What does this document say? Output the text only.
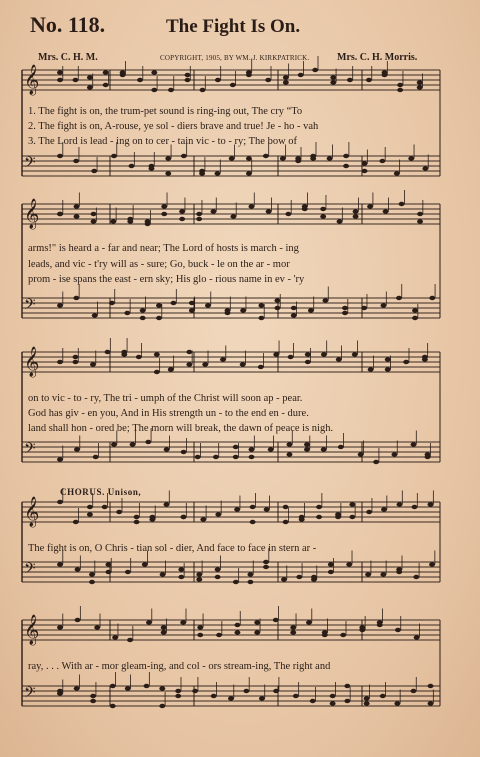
No. 118.	The Fight Is On.
Mrs. C. H. M.	COPYRIGHT, 1905, BY WM. J. KIRKPATRICK.	Mrs. C. H. Morris.
𝄞
𝄢
𝄞
𝄢
𝄞
𝄢
𝄞
𝄢
𝄞
𝄢
CHORUS. Unison,
1. The fight is on, the trum-pet sound is ring-ing out, The cry “To
2. The fight is on, A-rouse, ye sol - diers brave and true! Je - ho - vah
3. The Lord is lead - ing on to cer - tain vic - to - ry; The bow of
arms!" is heard a - far and near; The Lord of hosts is march - ing
leads, and vic - t'ry will as - sure; Go, buck - le on the ar - mor
prom - ise spans the east - ern sky; His glo - rious name in ev - 'ry
on to vic - to - ry, The tri - umph of the Christ will soon ap - pear.
God has giv - en you, And in His strength un - to the end en - dure.
land shall hon - ored be; The morn will break, the dawn of peace is nigh.
The fight is on, O Chris - tian sol - dier, And face to face in stern ar -
ray, . . . With ar - mor gleam-ing, and col - ors stream-ing, The right and
